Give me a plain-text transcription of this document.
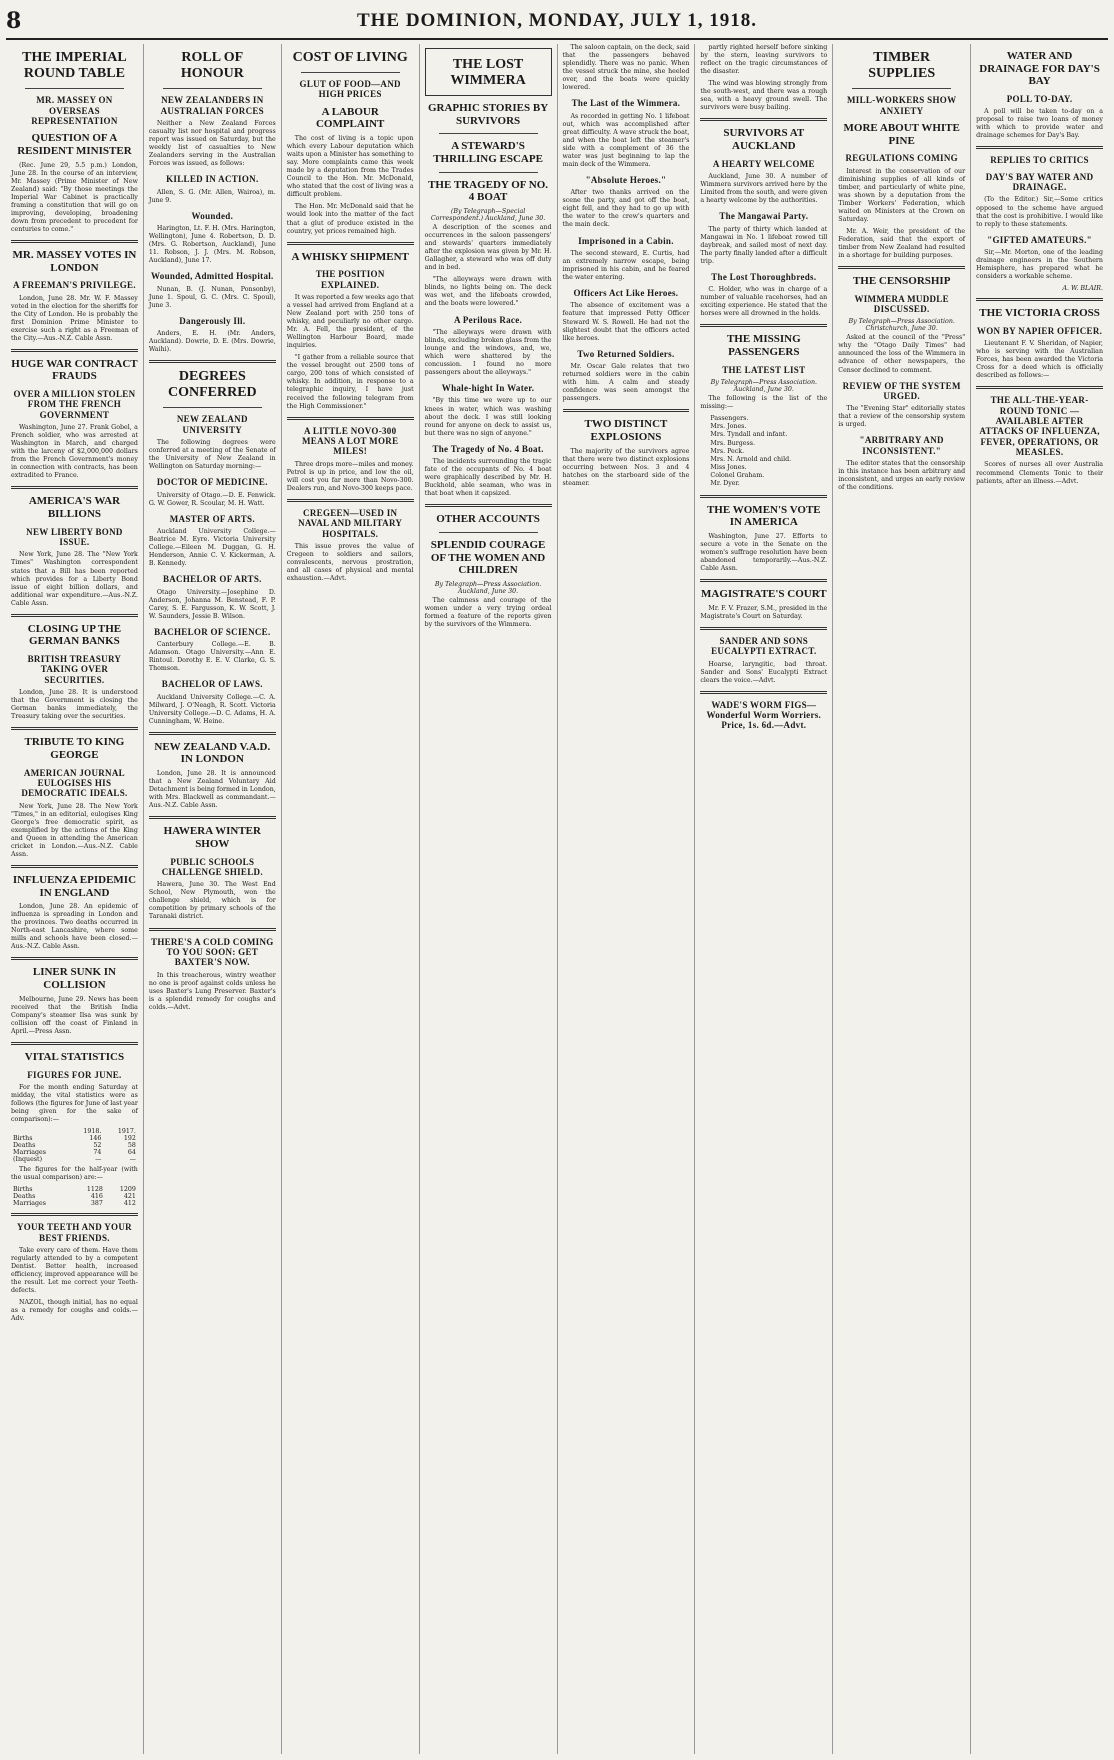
8	THE DOMINION, MONDAY, JULY 1, 1918.
THE IMPERIAL ROUND TABLE
MR. MASSEY ON OVERSEAS REPRESENTATION
QUESTION OF A RESIDENT MINISTER

(Rec. June 29, 5.5 p.m.) London, June 28. In the course of an interview, Mr. Massey (Prime Minister of New Zealand) said: "By those meetings the Imperial War Cabinet is practically framing a constitution that will go on improving, developing, broadening down from precedent to precedent for centuries to come."

MR. MASSEY VOTES IN LONDON
A FREEMAN'S PRIVILEGE.

London, June 28. Mr. W. F. Massey voted in the election for the sheriffs for the City of London. He is probably the first Dominion Prime Minister to exercise such a right as a Freeman of the City.—Aus.-N.Z. Cable Assn.

HUGE WAR CONTRACT FRAUDS
OVER A MILLION STOLEN FROM THE FRENCH GOVERNMENT

Washington, June 27. Frank Gobel, a French soldier, who was arrested at Washington in March, and charged with the larceny of $2,000,000 dollars from the French Government's money in connection with contracts, has been extradited to France.

AMERICA'S WAR BILLIONS
NEW LIBERTY BOND ISSUE.

New York, June 28. The "New York Times" Washington correspondent states that a Bill has been reported which provides for a Liberty Bond issue of eight billion dollars, and additional war expenditure.—Aus.-N.Z. Cable Assn.

CLOSING UP THE GERMAN BANKS
BRITISH TREASURY TAKING OVER SECURITIES.

London, June 28. It is understood that the Government is closing the German banks immediately, the Treasury taking over the securities.

TRIBUTE TO KING GEORGE
AMERICAN JOURNAL EULOGISES HIS DEMOCRATIC IDEALS.

New York, June 28. The New York "Times," in an editorial, eulogises King George's free democratic spirit, as exemplified by the actions of the King and Queen in attending the American cricket in London.—Aus.-N.Z. Cable Assn.

INFLUENZA EPIDEMIC IN ENGLAND

London, June 28. An epidemic of influenza is spreading in London and the provinces. Two deaths occurred in North-east Lancashire, where some mills and schools have been closed.—Aus.-N.Z. Cable Assn.

LINER SUNK IN COLLISION

Melbourne, June 29. News has been received that the British India Company's steamer Ilsa was sunk by collision off the coast of Finland in April.—Press Assn.

VITAL STATISTICS
FIGURES FOR JUNE.

For the month ending Saturday at midday, the vital statistics were as follows (the figures for June of last year being given for the sake of comparison):—

	1918.	1917.
Births	146	192
Deaths	52	58
Marriages	74	64
(Inquest)	—	—

The figures for the half-year (with the usual comparison) are:—

Births	1128	1209
Deaths	416	421
Marriages	387	412
YOUR TEETH AND YOUR BEST FRIENDS.

Take every care of them. Have them regularly attended to by a competent Dentist. Better health, increased efficiency, improved appearance will be the result. Let me correct your Teeth-defects.

NAZOL, though initial, has no equal as a remedy for coughs and colds.—Adv.

ROLL OF HONOUR
NEW ZEALANDERS IN AUSTRALIAN FORCES

Neither a New Zealand Forces casualty list nor hospital and progress report was issued on Saturday, but the weekly list of casualties to New Zealanders serving in the Australian Forces was issued, as follows:

KILLED IN ACTION.

Allen, S. G. (Mr. Allen, Wairoa), m. June 9.

Wounded.

Harington, Lt. F. H. (Mrs. Harington, Wellington), June 4. Robertson, D. D. (Mrs. G. Robertson, Auckland), June 11. Robson, J. J. (Mrs. M. Robson, Auckland), June 17.

Wounded, Admitted Hospital.

Nunan, B. (J. Nunan, Ponsonby), June 1. Spoul, G. C. (Mrs. C. Spoul), June 3.

Dangerously Ill.

Anders, E. H. (Mr. Anders, Auckland). Dowrie, D. E. (Mrs. Dowrie, Waihi).

DEGREES CONFERRED
NEW ZEALAND UNIVERSITY

The following degrees were conferred at a meeting of the Senate of the University of New Zealand in Wellington on Saturday morning:—

DOCTOR OF MEDICINE.

University of Otago.—D. E. Fenwick. G. W. Gower, R. Scoular, M. H. Watt.

MASTER OF ARTS.

Auckland University College.—Beatrice M. Eyre. Victoria University College.—Eileen M. Duggan, G. H. Henderson, Annie C. V. Kickerman, A. B. Kennedy.

BACHELOR OF ARTS.

Otago University.—Josephine D. Anderson, Johanna M. Benstead, F. P. Carey, S. E. Fargusson, K. W. Scott, J. W. Saunders, Jessie B. Wilson.

BACHELOR OF SCIENCE.

Canterbury College.—E. B. Adamson. Otago University.—Ann E. Rintoul. Dorothy E. E. V. Clarke, G. S. Thomson.

BACHELOR OF LAWS.

Auckland University College.—C. A. Milward, J. O'Neagh, R. Scott. Victoria University College.—D. C. Adams, H. A. Cunningham, W. Heine.

NEW ZEALAND V.A.D. IN LONDON

London, June 28. It is announced that a New Zealand Voluntary Aid Detachment is being formed in London, with Mrs. Blackwell as commandant.—Aus.-N.Z. Cable Assn.

HAWERA WINTER SHOW
PUBLIC SCHOOLS CHALLENGE SHIELD.

Hawera, June 30. The West End School, New Plymouth, won the challenge shield, which is for competition by primary schools of the Taranaki district.

THERE'S A COLD COMING TO YOU SOON: GET BAXTER'S NOW.

In this treacherous, wintry weather no one is proof against colds unless he uses Baxter's Lung Preserver. Baxter's is a splendid remedy for coughs and colds.—Advt.

COST OF LIVING
GLUT OF FOOD—AND HIGH PRICES
A LABOUR COMPLAINT

The cost of living is a topic upon which every Labour deputation which waits upon a Minister has something to say. More complaints came this week made by a deputation from the Trades Council to the Hon. Mr. McDonald, who stated that the cost of living was a difficult problem.

The Hon. Mr. McDonald said that he would look into the matter of the fact that a glut of produce existed in the country, yet prices remained high.

A WHISKY SHIPMENT
THE POSITION EXPLAINED.

It was reported a few weeks ago that a vessel had arrived from England at a New Zealand port with 250 tons of whisky, and peculiarly no other cargo. Mr. A. Fell, the president, of the Wellington Harbour Board, made inquiries.

"I gather from a reliable source that the vessel brought out 2500 tons of cargo, 200 tons of which consisted of whisky. In addition, in response to a telegraphic inquiry, I have just received the following telegram from the High Commissioner."

A LITTLE NOVO-300 MEANS A LOT MORE MILES!

Three drops more—miles and money. Petrol is up in price, and low the oil, will cost you far more than Novo-300. Dealers run, and Novo-300 keeps pace.

CREGEEN—USED IN NAVAL AND MILITARY HOSPITALS.

This issue proves the value of Cregeen to soldiers and sailors, convalescents, nervous prostration, and all cases of physical and mental exhaustion.—Advt.

THE LOST WIMMERA
GRAPHIC STORIES BY SURVIVORS
A STEWARD'S THRILLING ESCAPE
THE TRAGEDY OF NO. 4 BOAT

(By Telegraph—Special Correspondent.) Auckland, June 30.

A description of the scenes and occurrences in the saloon passengers' and stewards' quarters immediately after the explosion was given by Mr. H. Gallagher, a steward who was off duty and in bed.

"The alleyways were drawn with blinds, no lights being on. The deck was wet, and the lifeboats crowded, and the boats were lowered."

A Perilous Race.

"The alleyways were drawn with blinds, excluding broken glass from the lounge and the windows, and, we, which were shattered by the concussion. I found no more passengers about the alleyways."

Whale-hight In Water.

"By this time we were up to our knees in water, which was washing about the deck. I was still looking round for anyone on deck to assist us, but there was no sign of anyone."

The Tragedy of No. 4 Boat.

The incidents surrounding the tragic fate of the occupants of No. 4 boat were graphically described by Mr. H. Buckhold, able seaman, who was in that boat when it capsized.

OTHER ACCOUNTS
SPLENDID COURAGE OF THE WOMEN AND CHILDREN

By Telegraph—Press Association. Auckland, June 30.

The calmness and courage of the women under a very trying ordeal formed a feature of the reports given by the survivors of the Wimmera.

The saloon captain, on the deck, said that the passengers behaved splendidly. There was no panic. When the vessel struck the mine, she heeled over, and the boats were quickly lowered.

The Last of the Wimmera.

As recorded in getting No. 1 lifeboat out, which was accomplished after great difficulty. A wave struck the boat, and when the boat left the steamer's side with a complement of 36 the water was just beginning to lap the main deck of the Wimmera.

"Absolute Heroes."

After two thanks arrived on the scene the party, and got off the boat, eight fell, and they had to go up with the water to the crew's quarters and the main deck.

Imprisoned in a Cabin.

The second steward, E. Curtis, had an extremely narrow escape, being imprisoned in his cabin, and he feared the water entering.

Officers Act Like Heroes.

The absence of excitement was a feature that impressed Petty Officer Steward W. S. Rowell. He had not the slightest doubt that the officers acted like heroes.

Two Returned Soldiers.

Mr. Oscar Gale relates that two returned soldiers were in the cabin with him. A calm and steady confidence was seen amongst the passengers.

TWO DISTINCT EXPLOSIONS

The majority of the survivors agree that there were two distinct explosions occurring between Nos. 3 and 4 hatches on the starboard side of the steamer.

partly righted herself before sinking by the stern, leaving survivors to reflect on the tragic circumstances of the disaster.

The wind was blowing strongly from the south-west, and there was a rough sea, with a heavy ground swell. The survivors were busy bailing.

SURVIVORS AT AUCKLAND
A HEARTY WELCOME

Auckland, June 30. A number of Wimmera survivors arrived here by the Limited from the south, and were given a hearty welcome by the authorities.

The Mangawai Party.

The party of thirty which landed at Mangawai in No. 1 lifeboat rowed till daybreak, and sailed most of next day. The party finally landed after a difficult trip.

The Lost Thoroughbreds.

C. Holder, who was in charge of a number of valuable racehorses, had an exciting experience. He stated that the horses were all drowned in the holds.

THE MISSING PASSENGERS
THE LATEST LIST

By Telegraph—Press Association. Auckland, June 30.

The following is the list of the missing:—

Passengers.
Mrs. Jones.
Mrs. Tyndall and infant.
Mrs. Burgess.
Mrs. Peck.
Mrs. N. Arnold and child.
Miss Jones.
Colonel Graham.
Mr. Dyer.
THE WOMEN'S VOTE IN AMERICA

Washington, June 27. Efforts to secure a vote in the Senate on the women's suffrage resolution have been abandoned temporarily.—Aus.-N.Z. Cable Assn.

MAGISTRATE'S COURT

Mr. F. V. Frazer, S.M., presided in the Magistrate's Court on Saturday.

SANDER AND SONS EUCALYPTI EXTRACT.

Hoarse, laryngitic, bad throat. Sander and Sons' Eucalypti Extract clears the voice.—Advt.

WADE'S WORM FIGS—Wonderful Worm Worriers. Price, 1s. 6d.—Advt.
TIMBER SUPPLIES
MILL-WORKERS SHOW ANXIETY
MORE ABOUT WHITE PINE
REGULATIONS COMING

Interest in the conservation of our diminishing supplies of all kinds of timber, and particularly of white pine, was shown by a deputation from the Timber Workers' Federation, which waited on Ministers at the Crown on Saturday.

Mr. A. Weir, the president of the Federation, said that the export of timber from New Zealand had resulted in a shortage for building purposes.

THE CENSORSHIP
WIMMERA MUDDLE DISCUSSED.

By Telegraph—Press Association. Christchurch, June 30.

Asked at the council of the "Press" why the "Otago Daily Times" had announced the loss of the Wimmera in advance of other newspapers, the Censor declined to comment.

REVIEW OF THE SYSTEM URGED.

The "Evening Star" editorially states that a review of the censorship system is urged.

"ARBITRARY AND INCONSISTENT."

The editor states that the censorship in this instance has been arbitrary and inconsistent, and urges an early review of the conditions.

WATER AND DRAINAGE FOR DAY'S BAY
POLL TO-DAY.

A poll will be taken to-day on a proposal to raise two loans of money with which to provide water and drainage schemes for Day's Bay.

REPLIES TO CRITICS
DAY'S BAY WATER AND DRAINAGE.

(To the Editor.) Sir,—Some critics opposed to the scheme have argued that the cost is prohibitive. I would like to reply to these statements.

"GIFTED AMATEURS."

Sir,—Mr. Morton, one of the leading drainage engineers in the Southern Hemisphere, has prepared what he considers a workable scheme.

A. W. BLAIR.

THE VICTORIA CROSS
WON BY NAPIER OFFICER.

Lieutenant F. V. Sheridan, of Napier, who is serving with the Australian Forces, has been awarded the Victoria Cross for a deed which is officially described as follows:—

THE ALL-THE-YEAR-ROUND TONIC —AVAILABLE AFTER ATTACKS OF INFLUENZA, FEVER, OPERATIONS, OR MEASLES.

Scores of nurses all over Australia recommend Clements Tonic to their patients, after an illness.—Advt.
